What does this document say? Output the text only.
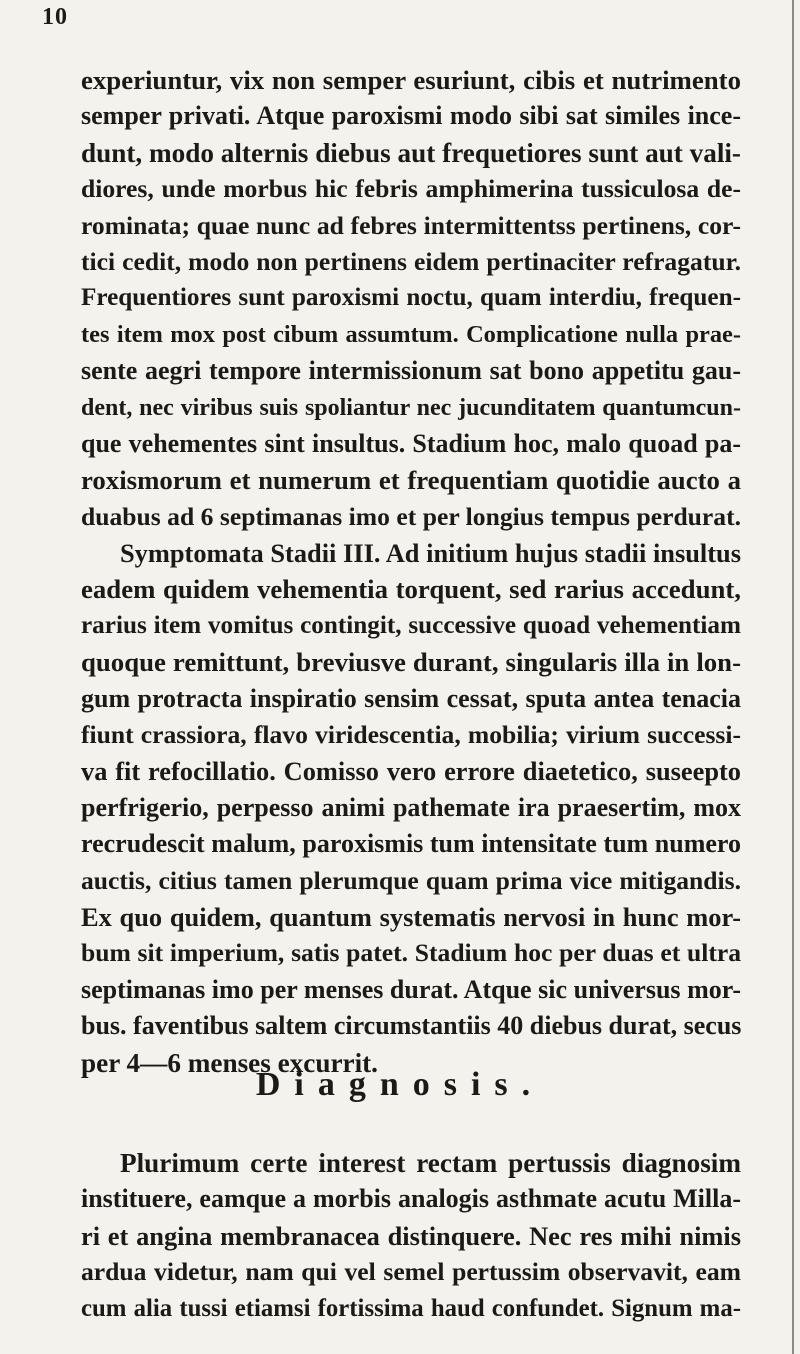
10
experiuntur, vix non semper esuriunt, cibis et nutrimento
semper privati. Atque paroxismi modo sibi sat similes ince-
dunt, modo alternis diebus aut frequetiores sunt aut vali-
diores, unde morbus hic febris amphimerina tussiculosa de-
rominata; quae nunc ad febres intermittentss pertinens, cor-
tici cedit, modo non pertinens eidem pertinaciter refragatur.
Frequentiores sunt paroxismi noctu, quam interdiu, frequen-
tes item mox post cibum assumtum. Complicatione nulla prae-
sente aegri tempore intermissionum sat bono appetitu gau-
dent, nec viribus suis spoliantur nec jucunditatem quantumcun-
que vehementes sint insultus. Stadium hoc, malo quoad pa-
roxismorum et numerum et frequentiam quotidie aucto a
duabus ad 6 septimanas imo et per longius tempus perdurat.
Symptomata Stadii III. Ad initium hujus stadii insultus
eadem quidem vehementia torquent, sed rarius accedunt,
rarius item vomitus contingit, successive quoad vehementiam
quoque remittunt, breviusve durant, singularis illa in lon-
gum protracta inspiratio sensim cessat, sputa antea tenacia
fiunt crassiora, flavo viridescentia, mobilia; virium successi-
va fit refocillatio. Comisso vero errore diaetetico, suseepto
perfrigerio, perpesso animi pathemate ira praesertim, mox
recrudescit malum, paroxismis tum intensitate tum numero
auctis, citius tamen plerumque quam prima vice mitigandis.
Ex quo quidem, quantum systematis nervosi in hunc mor-
bum sit imperium, satis patet. Stadium hoc per duas et ultra
septimanas imo per menses durat. Atque sic universus mor-
bus. faventibus saltem circumstantiis 40 diebus durat, secus
per 4—6 menses excurrit.
Diagnosis.
Plurimum certe interest rectam pertussis diagnosim
instituere, eamque a morbis analogis asthmate acutu Milla-
ri et angina membranacea distinquere. Nec res mihi nimis
ardua videtur, nam qui vel semel pertussim observavit, eam
cum alia tussi etiamsi fortissima haud confundet. Signum ma-
